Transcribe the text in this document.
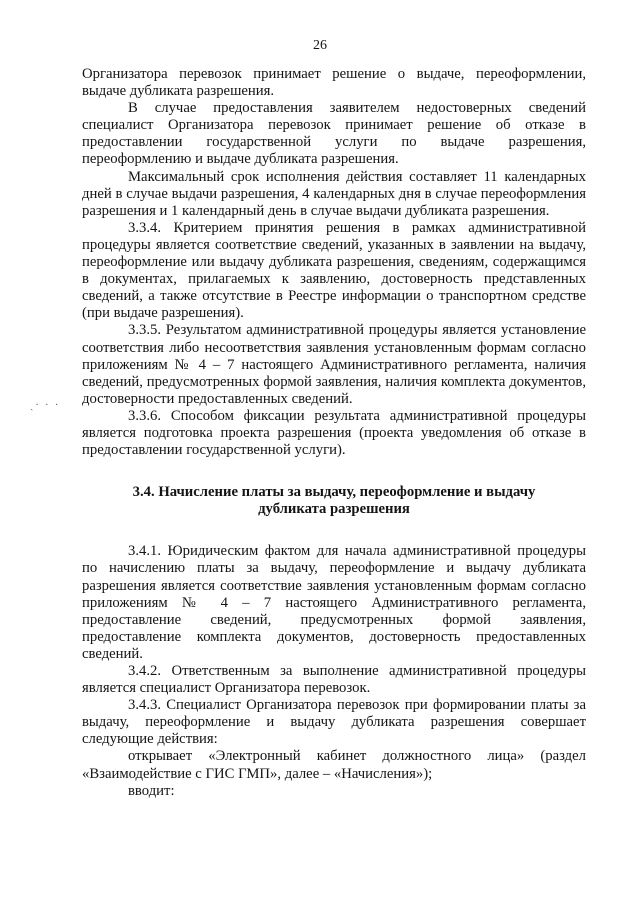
26
ˏ· · ·

Организатора перевозок принимает решение о выдаче, переоформлении, выдаче дубликата разрешения.

В случае предоставления заявителем недостоверных сведений специалист Организатора перевозок принимает решение об отказе в предоставлении государственной услуги по выдаче разрешения, переоформлению и выдаче дубликата разрешения.

Максимальный срок исполнения действия составляет 11 календарных дней в случае выдачи разрешения, 4 календарных дня в случае переоформления разрешения и 1 календарный день в случае выдачи дубликата разрешения.

3.3.4. Критерием принятия решения в рамках административной процедуры является соответствие сведений, указанных в заявлении на выдачу, переоформление или выдачу дубликата разрешения, сведениям, содержащимся в документах, прилагаемых к заявлению, достоверность представленных сведений, а также отсутствие в Реестре информации о транспортном средстве (при выдаче разрешения).

3.3.5. Результатом административной процедуры является установление соответствия либо несоответствия заявления установленным формам согласно приложениям № 4 – 7 настоящего Административного регламента, наличия сведений, предусмотренных формой заявления, наличия комплекта документов, достоверности предоставленных сведений.

3.3.6. Способом фиксации результата административной процедуры является подготовка проекта разрешения (проекта уведомления об отказе в предоставлении государственной услуги).

3.4. Начисление платы за выдачу, переоформление и выдачу

дубликата разрешения

3.4.1. Юридическим фактом для начала административной процедуры по начислению платы за выдачу, переоформление и выдачу дубликата разрешения является соответствие заявления установленным формам согласно приложениям № 4 – 7 настоящего Административного регламента, предоставление сведений, предусмотренных формой заявления, предоставление комплекта документов, достоверность предоставленных сведений.

3.4.2. Ответственным за выполнение административной процедуры является специалист Организатора перевозок.

3.4.3. Специалист Организатора перевозок при формировании платы за выдачу, переоформление и выдачу дубликата разрешения совершает следующие действия:

открывает «Электронный кабинет должностного лица» (раздел «Взаимодействие с ГИС ГМП», далее – «Начисления»);

вводит:
